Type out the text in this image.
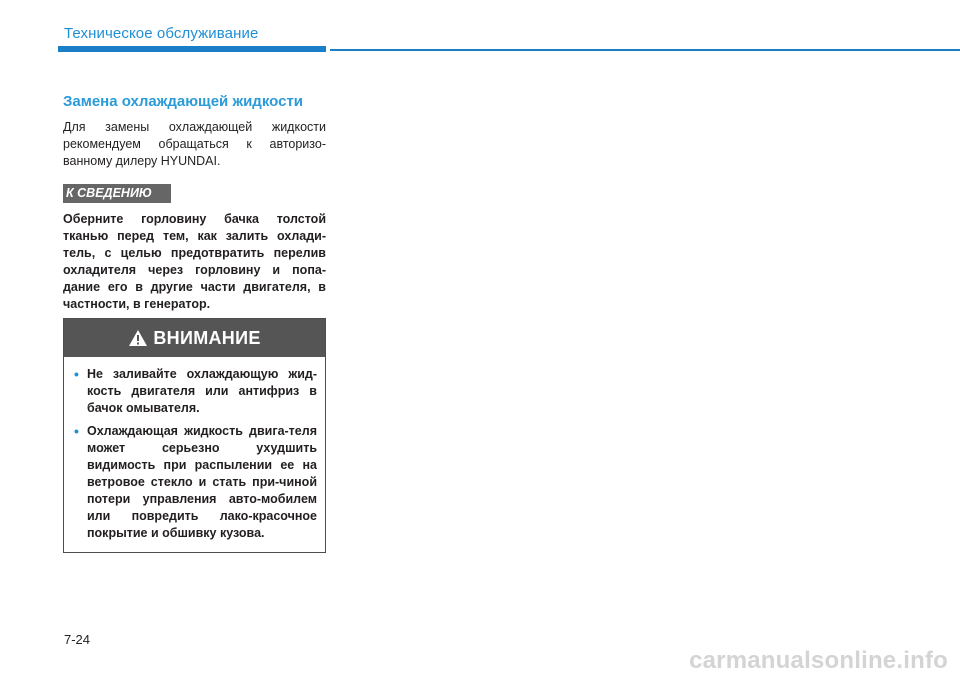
Техническое обслуживание
Замена охлаждающей жидкости
Для замены охлаждающей жидкости рекомендуем обращаться к авторизо-ванному дилеру HYUNDAI.
К СВЕДЕНИЮ
Оберните горловину бачка толстой тканью перед тем, как залить охлади-тель, с целью предотвратить перелив охладителя через горловину и попа-дание его в другие части двигателя, в частности, в генератор.
ВНИМАНИЕ
• Не заливайте охлаждающую жид-кость двигателя или антифриз в бачок омывателя.
• Охлаждающая жидкость двига-теля может серьезно ухудшить видимость при распылении ее на ветровое стекло и стать при-чиной потери управления авто-мобилем или повредить лако-красочное покрытие и обшивку кузова.
7-24
carmanualsonline.info
